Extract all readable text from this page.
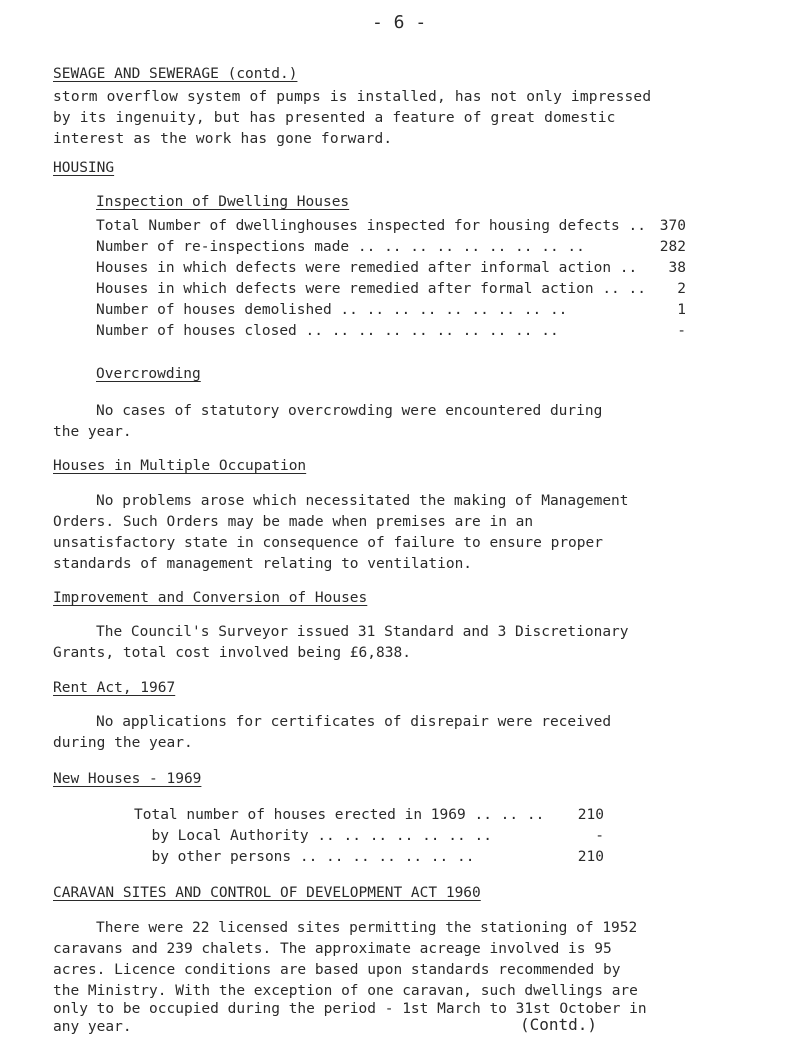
- 6 -
SEWAGE AND SEWERAGE (contd.)
storm overflow system of pumps is installed, has not only impressed
by its ingenuity, but has presented a feature of great domestic
interest as the work has gone forward.
HOUSING
Inspection of Dwelling Houses
Total Number of dwellinghouses inspected for housing defects .. 370
Number of re-inspections made .. .. .. .. .. .. .. .. ..	282
Houses in which defects were remedied after informal action .. 38
Houses in which defects were remedied after formal action .. .. 2
Number of houses demolished .. .. .. .. .. .. .. .. ..	1
Number of houses closed .. .. .. .. .. .. .. .. .. ..	-
Overcrowding
No cases of statutory overcrowding were encountered during
the year.
Houses in Multiple Occupation
No problems arose which necessitated the making of Management
Orders. Such Orders may be made when premises are in an
unsatisfactory state in consequence of failure to ensure proper
standards of management relating to ventilation.
Improvement and Conversion of Houses
The Council's Surveyor issued 31 Standard and 3 Discretionary
Grants, total cost involved being £6,838.
Rent Act, 1967
No applications for certificates of disrepair were received
during the year.
New Houses - 1969
Total number of houses erected in 1969 .. .. .. 210
by Local Authority .. .. .. .. .. .. ..	-
by other persons .. .. .. .. .. .. ..	210
CARAVAN SITES AND CONTROL OF DEVELOPMENT ACT 1960
There were 22 licensed sites permitting the stationing of 1952
caravans and 239 chalets. The approximate acreage involved is 95
acres. Licence conditions are based upon standards recommended by
the Ministry. With the exception of one caravan, such dwellings are
only to be occupied during the period - 1st March to 31st October in
any year.	(Contd.)
